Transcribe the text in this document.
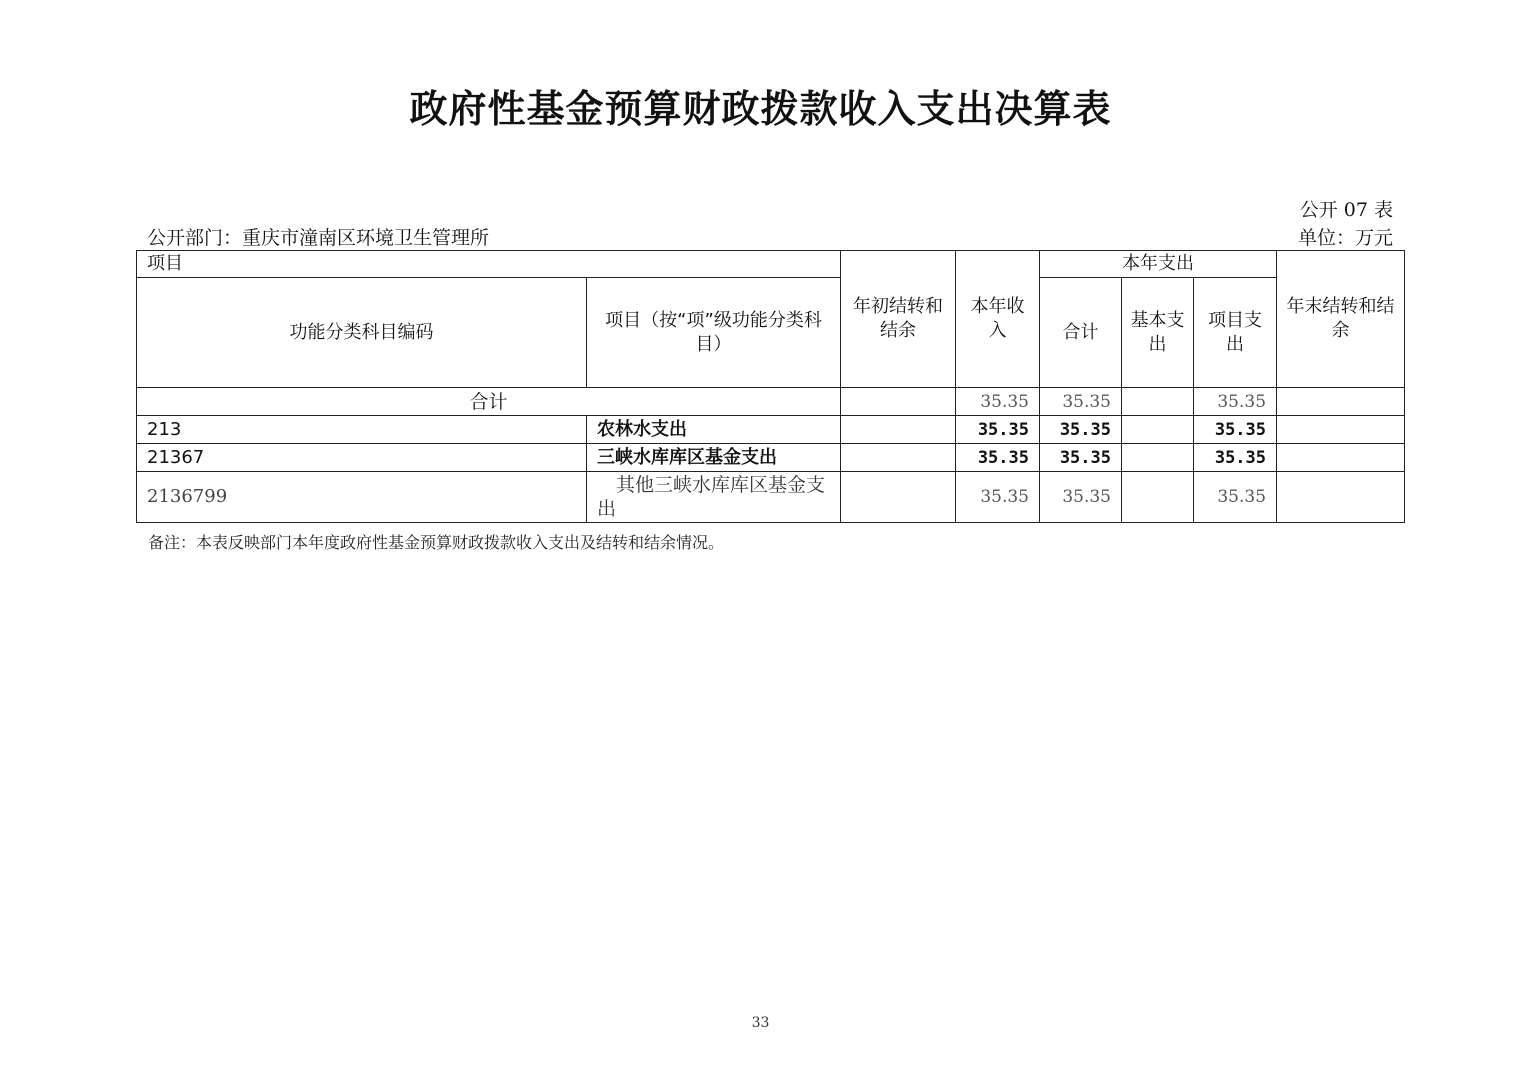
政府性基金预算财政拨款收入支出决算表
公开 07 表
公开部门：重庆市潼南区环境卫生管理所	单位：万元
项目		年初结转和结余	本年收入	本年支出			年末结转和结余
功能分类科目编码	项目（按“项”级功能分类科目）			合计	基本支出	项目支出	
合计			35.35	35.35		35.35	
213	农林水支出		35.35	35.35		35.35	
21367	三峡水库库区基金支出		35.35	35.35		35.35	
2136799	其他三峡水库库区基金支出		35.35	35.35		35.35	
备注：本表反映部门本年度政府性基金预算财政拨款收入支出及结转和结余情况。
33
